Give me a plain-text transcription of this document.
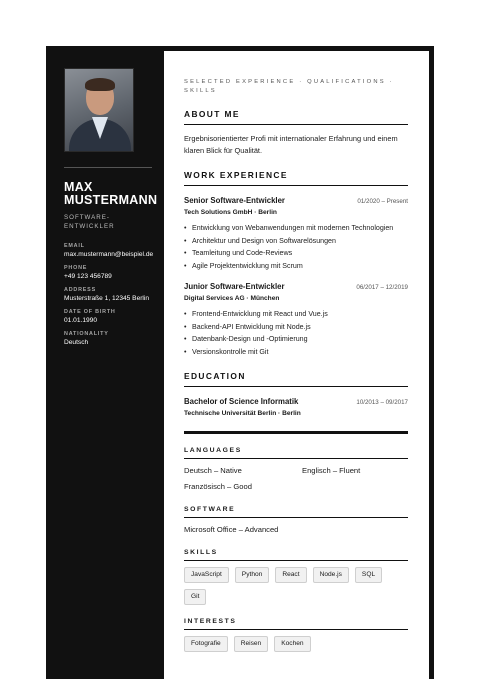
MAX
MUSTERMANN
SOFTWARE-
ENTWICKLER
EMAIL
max.mustermann@beispiel.de
PHONE
+49 123 456789
ADDRESS
Musterstraße 1, 12345 Berlin
DATE OF BIRTH
01.01.1990
NATIONALITY
Deutsch
SELECTED EXPERIENCE · QUALIFICATIONS ·
SKILLS
ABOUT ME

Ergebnisorientierter Profi mit internationaler Erfahrung und einem klaren Blick für Qualität.

WORK EXPERIENCE
Senior Software-Entwickler	01/2020 – Present
Tech Solutions GmbH · Berlin
• Entwicklung von Webanwendungen mit modernen Technologien
• Architektur und Design von Softwarelösungen
• Teamleitung und Code-Reviews
• Agile Projektentwicklung mit Scrum
Junior Software-Entwickler	06/2017 – 12/2019
Digital Services AG · München
• Frontend-Entwicklung mit React und Vue.js
• Backend-API Entwicklung mit Node.js
• Datenbank-Design und -Optimierung
• Versionskontrolle mit Git
EDUCATION
Bachelor of Science Informatik	10/2013 – 09/2017
Technische Universität Berlin · Berlin
LANGUAGES
Deutsch – Native	Englisch – Fluent
Französisch – Good
SOFTWARE
Microsoft Office – Advanced
SKILLS
JavaScript	Python	React	Node.js	SQL
Git
INTERESTS
Fotografie	Reisen	Kochen
